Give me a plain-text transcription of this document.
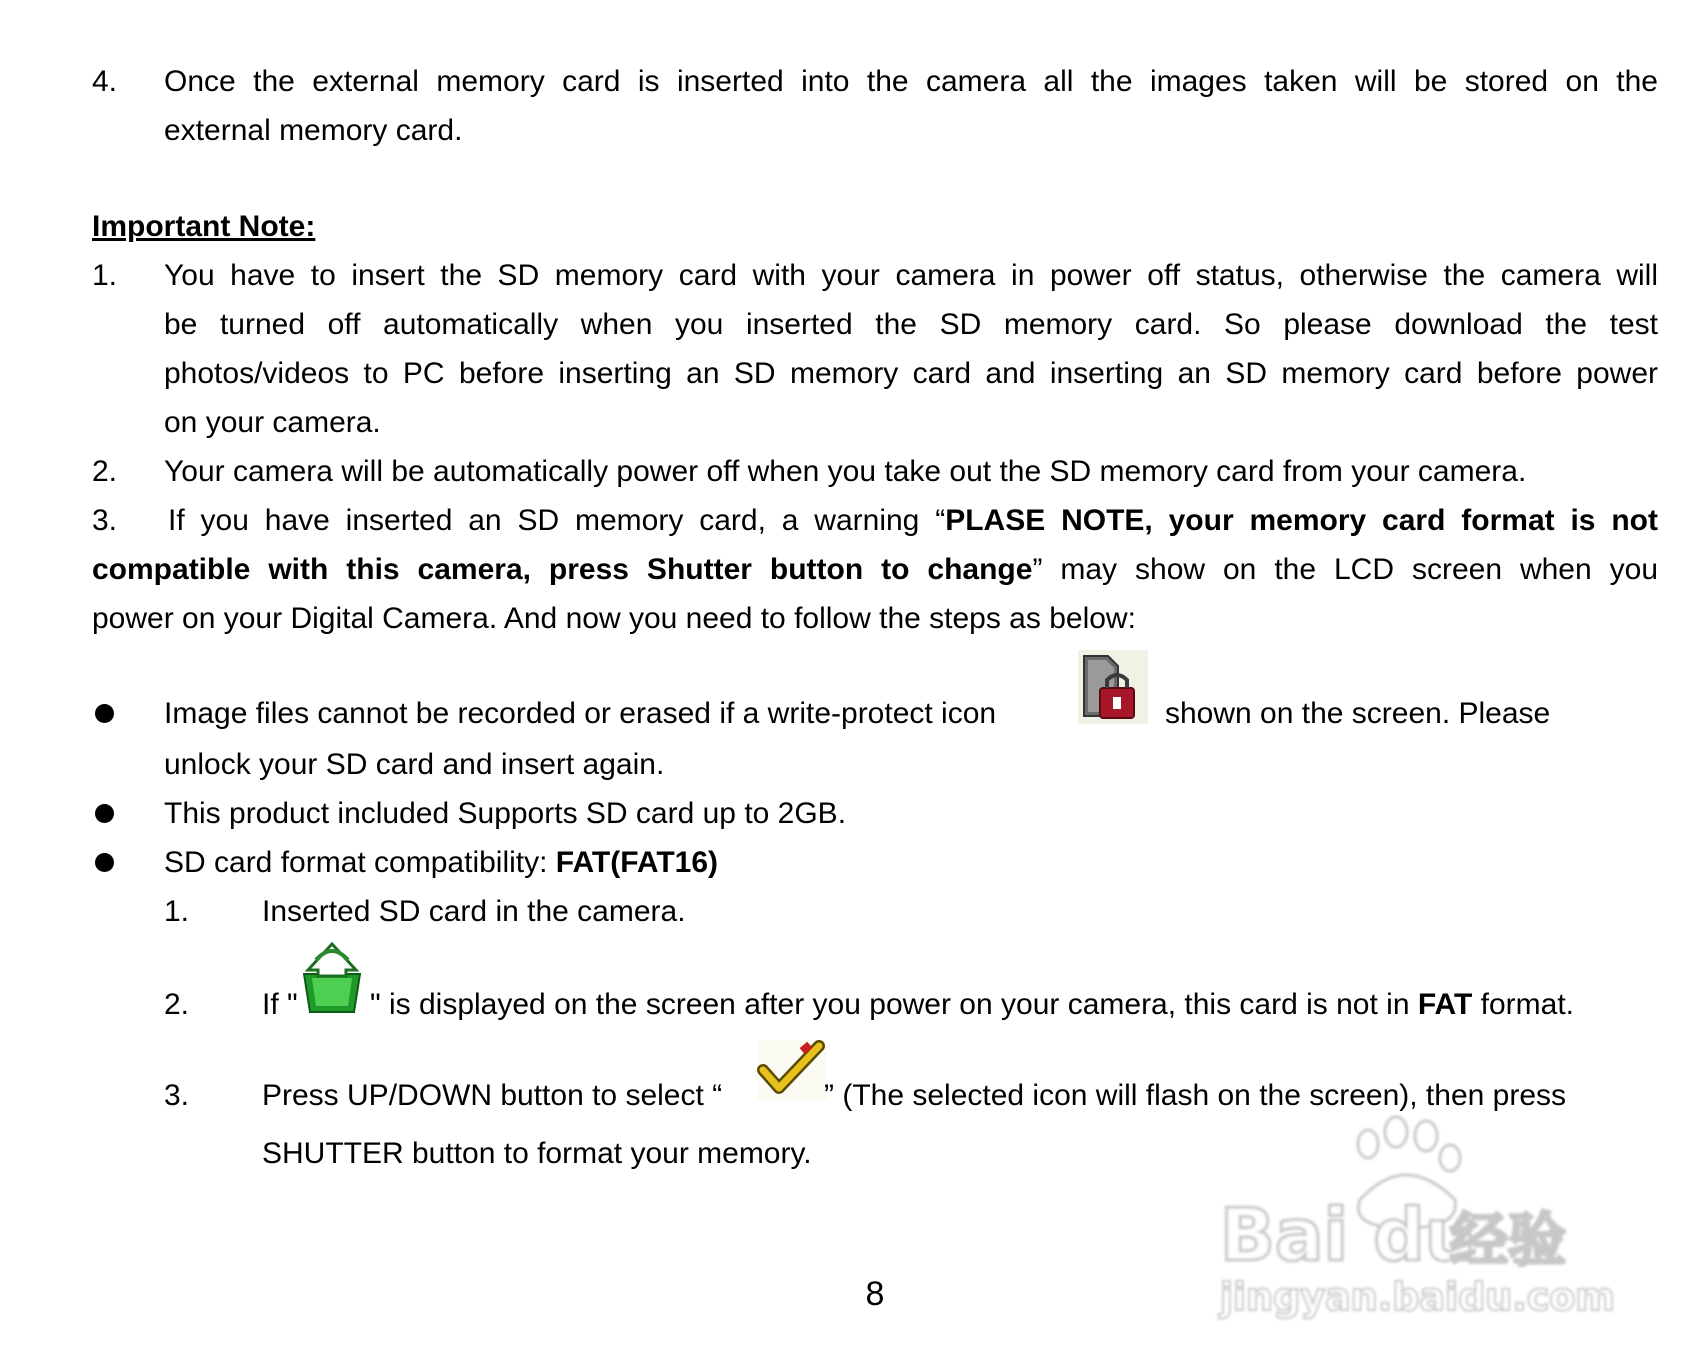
4. Once the external memory card is inserted into the camera all the images taken will be stored on the
external memory card.
Important Note:
1. You have to insert the SD memory card with your camera in power off status, otherwise the camera will
be turned off automatically when you inserted the SD memory card. So please download the test
photos/videos to PC before inserting an SD memory card and inserting an SD memory card before power
on your camera.
2. Your camera will be automatically power off when you take out the SD memory card from your camera.
3. If you have inserted an SD memory card, a warning “PLASE NOTE, your memory card format is not
compatible with this camera, press Shutter button to change” may show on the LCD screen when you
power on your Digital Camera. And now you need to follow the steps as below:
Image files cannot be recorded or erased if a write-protect icon	shown on the screen. Please
unlock your SD card and insert again.
This product included Supports SD card up to 2GB.
SD card format compatibility: FAT(FAT16)
1. Inserted SD card in the camera.
2. If " " is displayed on the screen after you power on your camera, this card is not in FAT format.
3. Press UP/DOWN button to select “	” (The selected icon will flash on the screen), then press
SHUTTER button to format your memory.
Bai du
经验
jingyan.baidu.com
8
